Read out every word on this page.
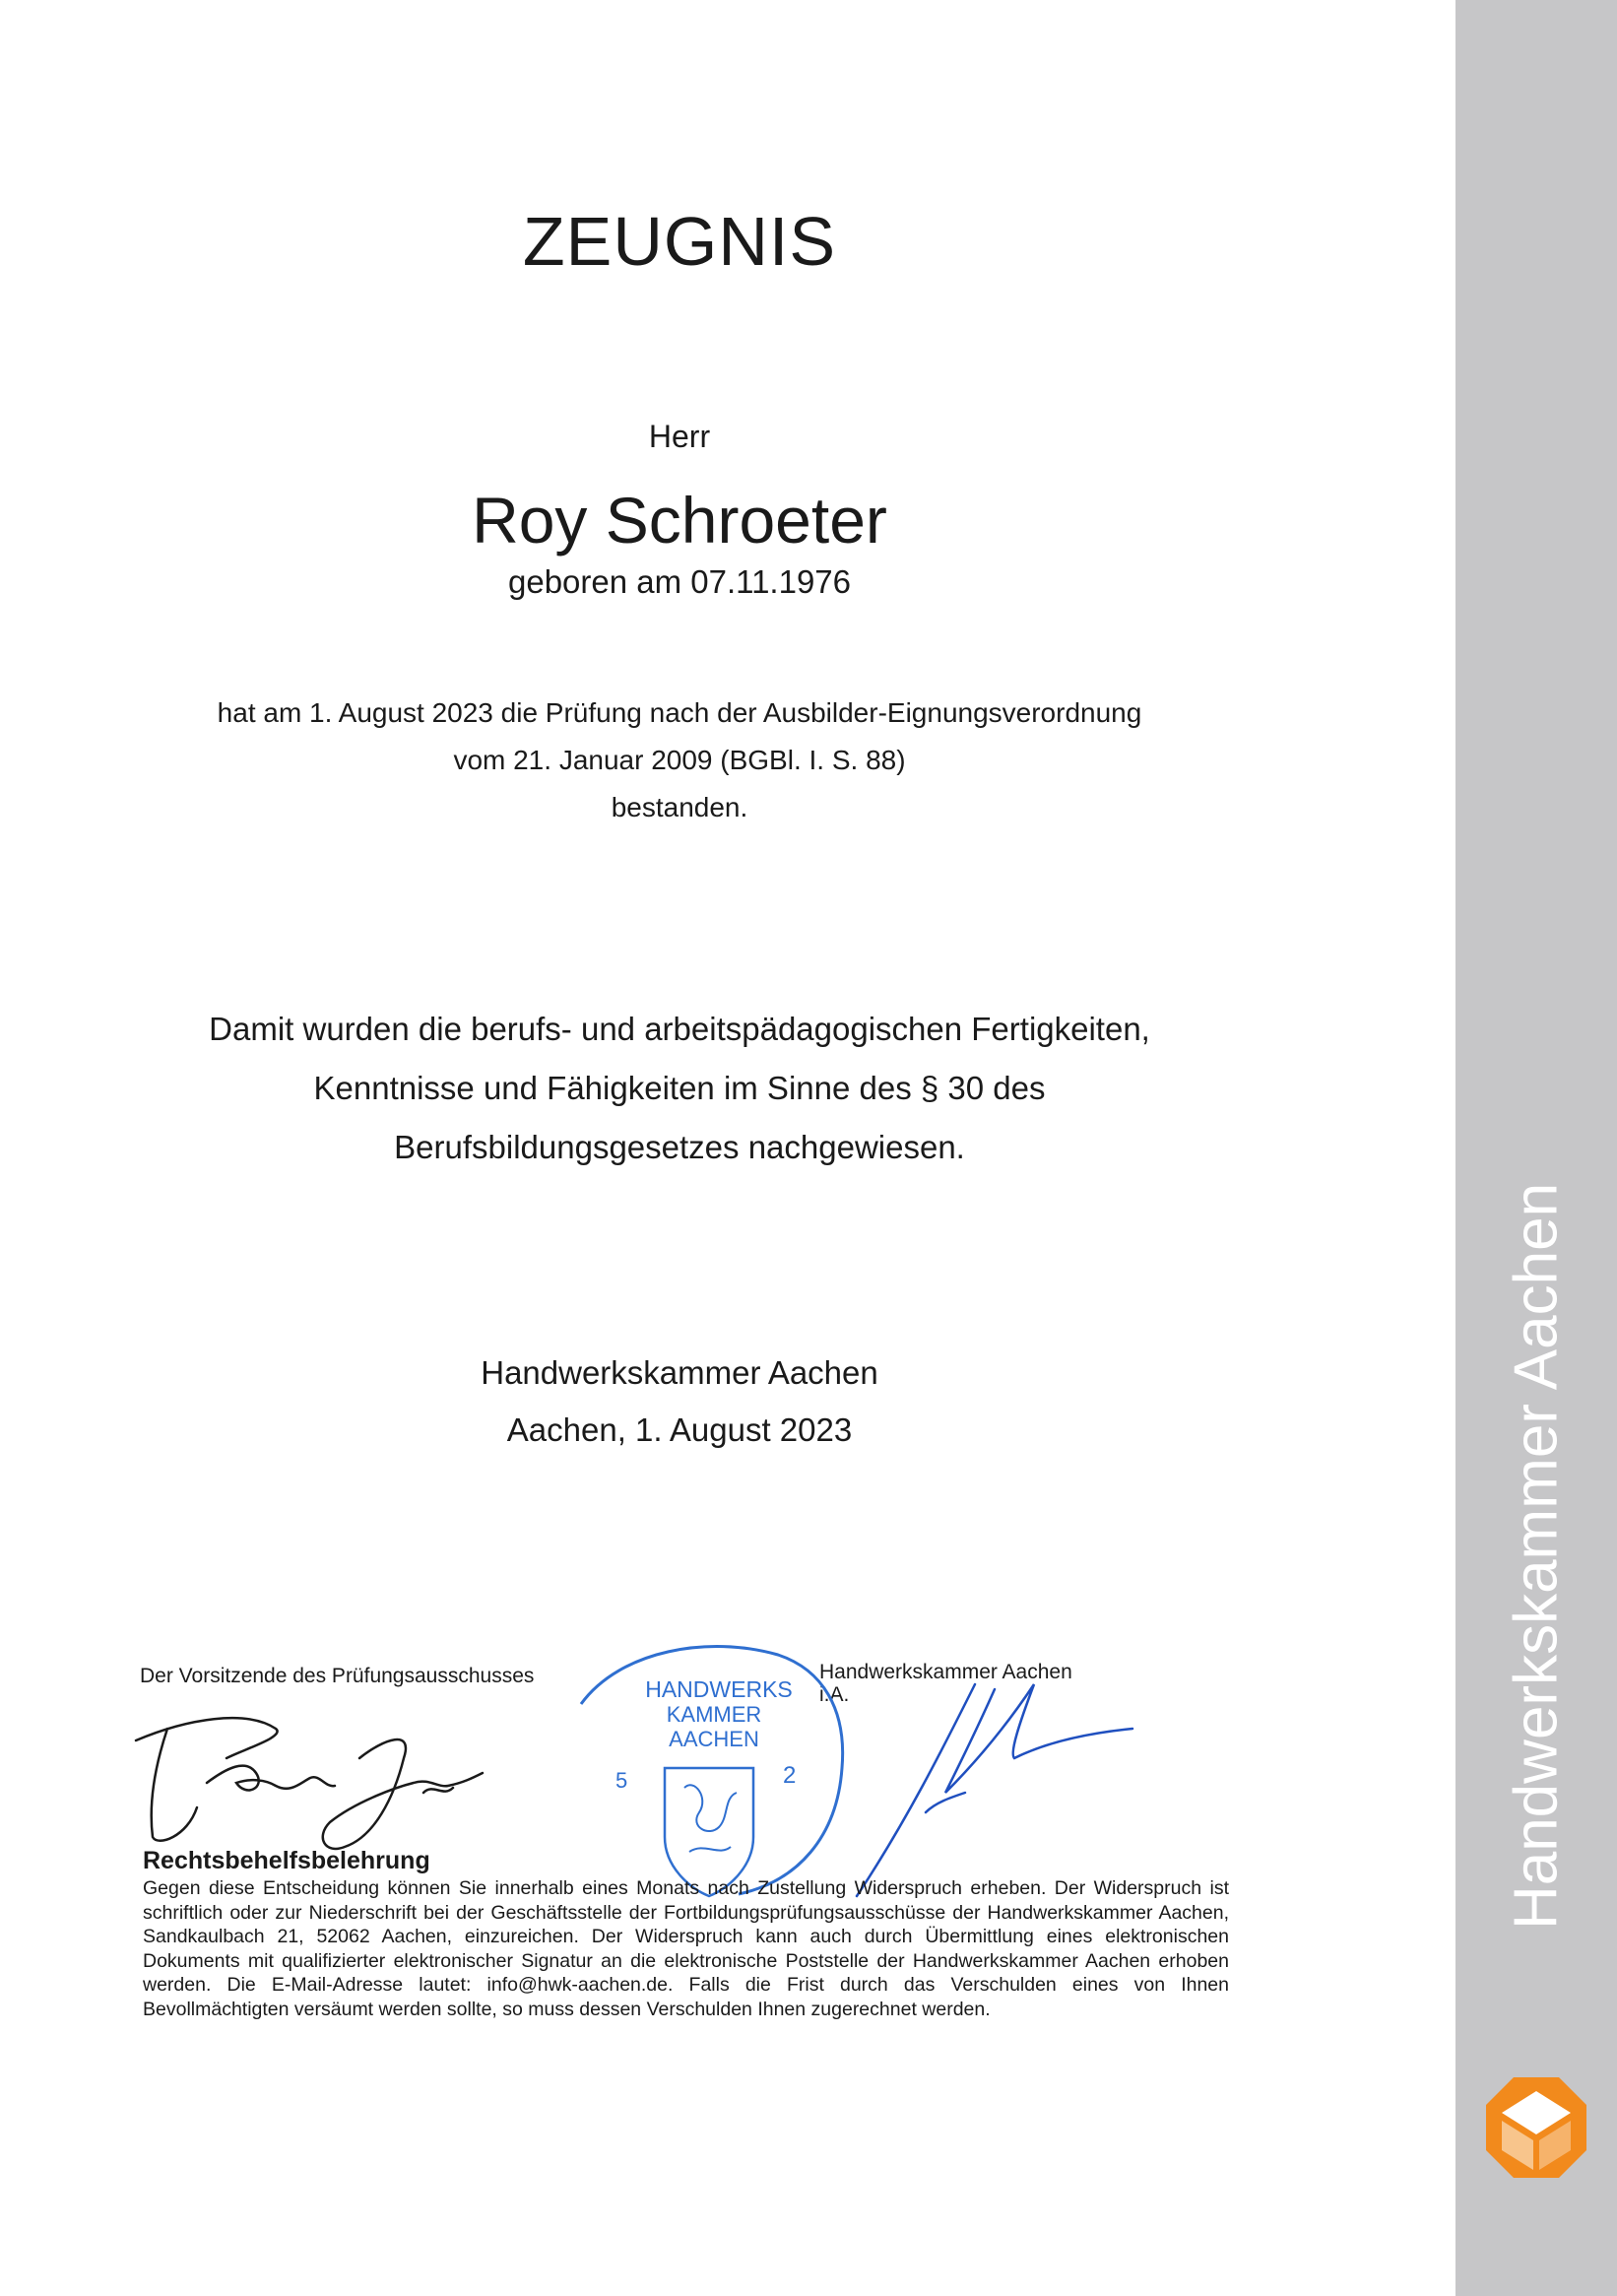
ZEUGNIS
Herr
Roy Schroeter
geboren am 07.11.1976
hat am 1. August 2023 die Prüfung nach der Ausbilder-Eignungsverordnung
vom 21. Januar 2009 (BGBl. I. S. 88)
bestanden.
Damit wurden die berufs- und arbeitspädagogischen Fertigkeiten,
Kenntnisse und Fähigkeiten im Sinne des § 30 des
Berufsbildungsgesetzes nachgewiesen.
Handwerkskammer Aachen
Aachen, 1. August 2023
Der Vorsitzende des Prüfungsausschusses	Handwerkskammer Aachen
i.A.
HANDWERKS
KAMMER
AACHEN
5	2
Rechtsbehelfsbelehrung
Gegen diese Entscheidung können Sie innerhalb eines Monats nach Zustellung Widerspruch erheben. Der Widerspruch ist schriftlich oder zur Niederschrift bei der Geschäftsstelle der Fortbildungsprüfungsausschüsse der Handwerkskammer Aachen, Sandkaulbach 21, 52062 Aachen, einzureichen. Der Widerspruch kann auch durch Übermittlung eines elektronischen Dokuments mit qualifizierter elektronischer Signatur an die elektronische Poststelle der Handwerkskammer Aachen erhoben werden. Die E-Mail-Adresse lautet: info@hwk-aachen.de. Falls die Frist durch das Verschulden eines von Ihnen Bevollmächtigten versäumt werden sollte, so muss dessen Verschulden Ihnen zugerechnet werden.
Handwerkskammer Aachen
